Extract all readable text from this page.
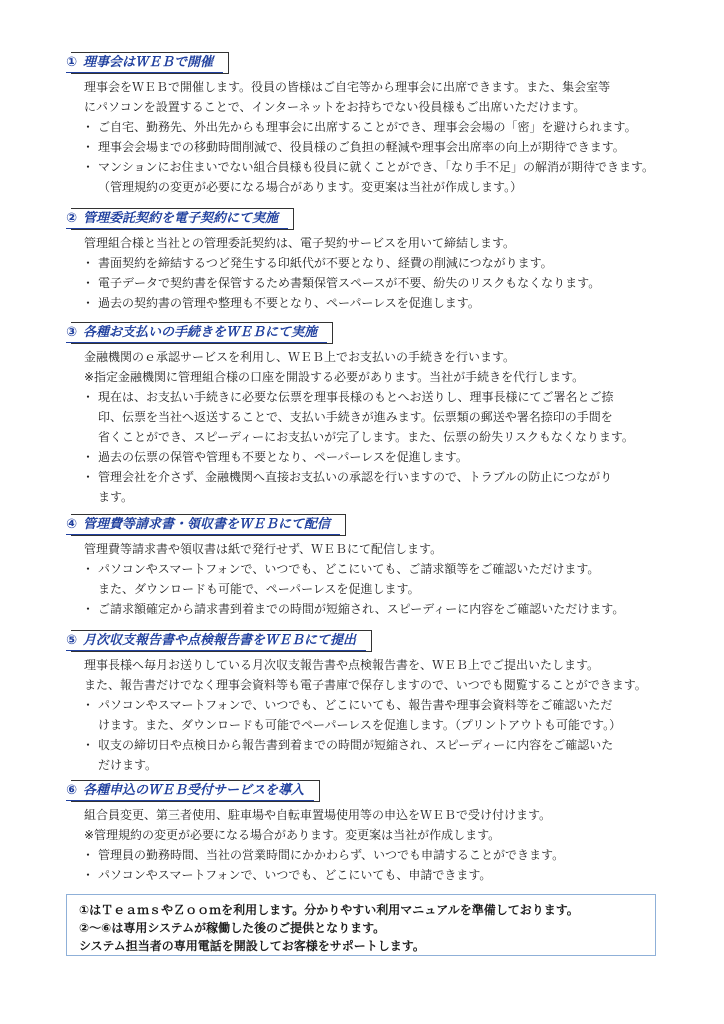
① 理事会はＷＥＢで開催

理事会をＷＥＢで開催します。役員の皆様はご自宅等から理事会に出席できます。また、集会室等

にパソコンを設置することで、インターネットをお持ちでない役員様もご出席いただけます。

・ ご自宅、勤務先、外出先からも理事会に出席することができ、理事会会場の「密」を避けられます。
・ 理事会会場までの移動時間削減で、役員様のご負担の軽減や理事会出席率の向上が期待できます。
・ マンションにお住まいでない組合員様も役員に就くことができ、「なり手不足」の解消が期待できます。

（管理規約の変更が必要になる場合があります。変更案は当社が作成します。）

② 管理委託契約を電子契約にて実施

管理組合様と当社との管理委託契約は、電子契約サービスを用いて締結します。

・ 書面契約を締結するつど発生する印紙代が不要となり、経費の削減につながります。
・ 電子データで契約書を保管するため書類保管スペースが不要、紛失のリスクもなくなります。
・ 過去の契約書の管理や整理も不要となり、ペーパーレスを促進します。
③ 各種お支払いの手続きをＷＥＢにて実施

金融機関のｅ承認サービスを利用し、ＷＥＢ上でお支払いの手続きを行います。

※指定金融機関に管理組合様の口座を開設する必要があります。当社が手続きを代行します。

・ 現在は、お支払い手続きに必要な伝票を理事長様のもとへお送りし、理事長様にてご署名とご捺
印、伝票を当社へ返送することで、支払い手続きが進みます。伝票類の郵送や署名捺印の手間を
省くことができ、スピーディーにお支払いが完了します。また、伝票の紛失リスクもなくなります。
・ 過去の伝票の保管や管理も不要となり、ペーパーレスを促進します。
・ 管理会社を介さず、金融機関へ直接お支払いの承認を行いますので、トラブルの防止につながり
ます。
④ 管理費等請求書・領収書をＷＥＢにて配信

管理費等請求書や領収書は紙で発行せず、ＷＥＢにて配信します。

・ パソコンやスマートフォンで、いつでも、どこにいても、ご請求額等をご確認いただけます。
また、ダウンロードも可能で、ペーパーレスを促進します。
・ ご請求額確定から請求書到着までの時間が短縮され、スピーディーに内容をご確認いただけます。
⑤ 月次収支報告書や点検報告書をＷＥＢにて提出

理事長様へ毎月お送りしている月次収支報告書や点検報告書を、ＷＥＢ上でご提出いたします。

また、報告書だけでなく理事会資料等も電子書庫で保存しますので、いつでも閲覧することができます。

・ パソコンやスマートフォンで、いつでも、どこにいても、報告書や理事会資料等をご確認いただ
けます。また、ダウンロードも可能でペーパーレスを促進します。（プリントアウトも可能です。）
・ 収支の締切日や点検日から報告書到着までの時間が短縮され、スピーディーに内容をご確認いた
だけます。
⑥ 各種申込のＷＥＢ受付サービスを導入

組合員変更、第三者使用、駐車場や自転車置場使用等の申込をＷＥＢで受け付けます。

※管理規約の変更が必要になる場合があります。変更案は当社が作成します。

・ 管理員の勤務時間、当社の営業時間にかかわらず、いつでも申請することができます。
・ パソコンやスマートフォンで、いつでも、どこにいても、申請できます。

①はＴｅａｍｓやＺｏｏｍを利用します。分かりやすい利用マニュアルを準備しております。

②～⑥は専用システムが稼働した後のご提供となります。

システム担当者の専用電話を開設してお客様をサポートします。
